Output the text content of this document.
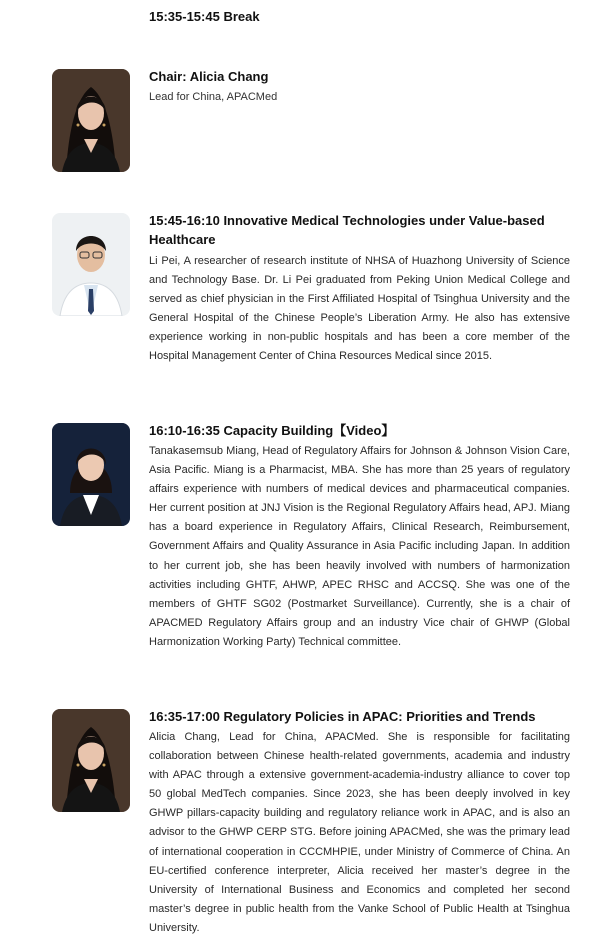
15:35-15:45 Break
Chair: Alicia Chang
Lead for China, APACMed
15:45-16:10 Innovative Medical Technologies under Value-based Healthcare

Li Pei, A researcher of research institute of NHSA of Huazhong University of Science and Technology Base. Dr. Li Pei graduated from Peking Union Medical College and served as chief physician in the First Affiliated Hospital of Tsinghua University and the General Hospital of the Chinese People’s Liberation Army. He also has extensive experience working in non-public hospitals and has been a core member of the Hospital Management Center of China Resources Medical since 2015.

16:10-16:35 Capacity Building【Video】

Tanakasemsub Miang, Head of Regulatory Affairs for Johnson & Johnson Vision Care, Asia Pacific. Miang is a Pharmacist, MBA. She has more than 25 years of regulatory affairs experience with numbers of medical devices and pharmaceutical companies. Her current position at JNJ Vision is the Regional Regulatory Affairs head, APJ. Miang has a board experience in Regulatory Affairs, Clinical Research, Reimbursement, Government Affairs and Quality Assurance in Asia Pacific including Japan. In addition to her current job, she has been heavily involved with numbers of harmonization activities including GHTF, AHWP, APEC RHSC and ACCSQ. She was one of the members of GHTF SG02 (Postmarket Surveillance). Currently, she is a chair of APACMED Regulatory Affairs group and an industry Vice chair of GHWP (Global Harmonization Working Party) Technical committee.

16:35-17:00 Regulatory Policies in APAC: Priorities and Trends

Alicia Chang, Lead for China, APACMed. She is responsible for facilitating collaboration between Chinese health-related governments, academia and industry with APAC through a extensive government-academia-industry alliance to cover top 50 global MedTech companies. Since 2023, she has been deeply involved in key GHWP pillars-capacity building and regulatory reliance work in APAC, and is also an advisor to the GHWP CERP STG. Before joining APACMed, she was the primary lead of international cooperation in CCCMHPIE, under Ministry of Commerce of China. An EU-certified conference interpreter, Alicia received her master’s degree in the University of International Business and Economics and completed her second master’s degree in public health from the Vanke School of Public Health at Tsinghua University.
